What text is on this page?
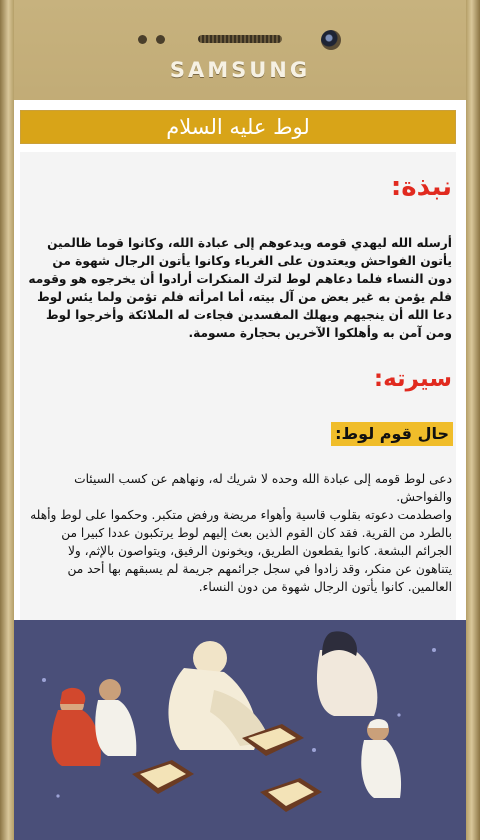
SAMSUNG
لوط عليه السلام
نبذة:

أرسله الله ليهدي قومه ويدعوهم إلى عبادة الله، وكانوا قوما ظالمين يأتون الفواحش ويعتدون على الغرباء وكانوا يأتون الرجال شهوة من دون النساء فلما دعاهم لوط لترك المنكرات أرادوا أن يخرجوه هو وقومه فلم يؤمن به غير بعض من آل بيته، أما امرأته فلم تؤمن ولما يئس لوط دعا الله أن ينجيهم ويهلك المفسدين فجاءت له الملائكة وأخرجوا لوط ومن آمن به وأهلكوا الآخرين بحجارة مسومة.

سيرته:
حال قوم لوط:

دعى لوط قومه إلى عبادة الله وحده لا شريك له، ونهاهم عن كسب السيئات والفواحش.
واصطدمت دعوته بقلوب قاسية وأهواء مريضة ورفض متكبر. وحكموا على لوط وأهله
بالطرد من القرية. فقد كان القوم الذين بعث إليهم لوط يرتكبون عددا كبيرا من الجرائم البشعة. كانوا يقطعون الطريق، ويخونون الرفيق، ويتواصون بالإثم، ولا يتناهون عن منكر، وقد زادوا في سجل جرائمهم جريمة لم يسبقهم بها أحد من العالمين. كانوا يأتون الرجال شهوة من دون النساء.
